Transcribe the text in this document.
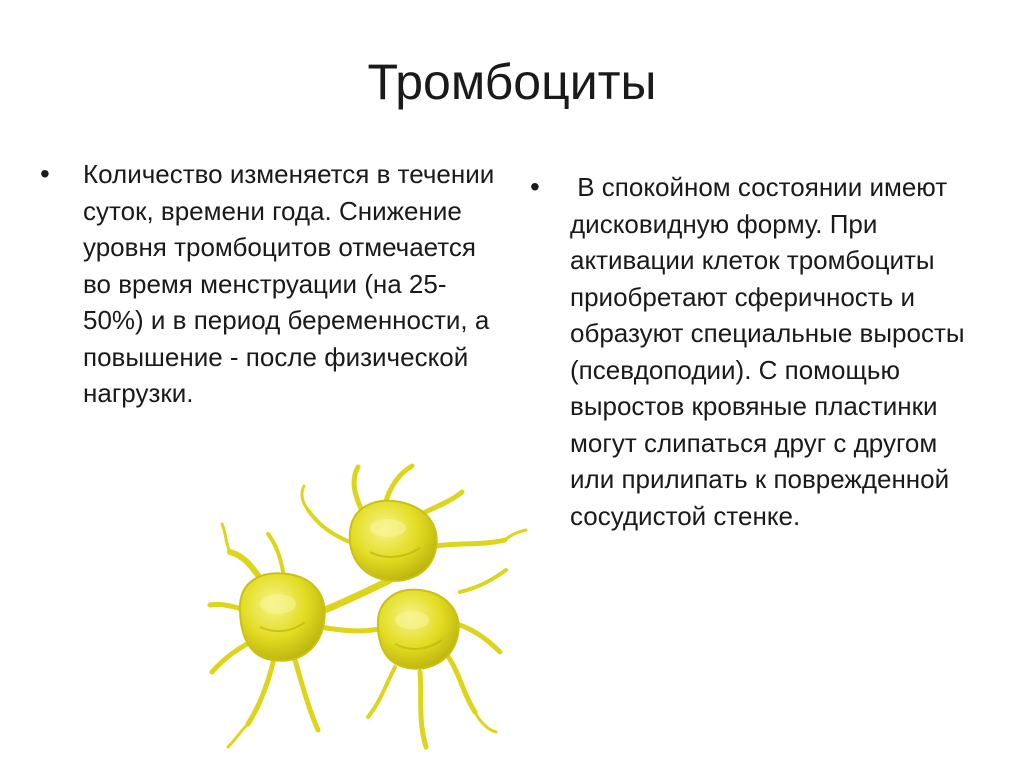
Тромбоциты
•	Количество изменяется в течении суток, времени года. Снижение уровня тромбоцитов отмечается во время менструации (на 25-50%) и в период беременности, а повышение - после физической нагрузки.

•	В спокойном состоянии имеют дисковидную форму. При активации клеток тромбоциты приобретают сферичность и образуют специальные выросты (псевдоподии). С помощью выростов кровяные пластинки могут слипаться друг с другом или прилипать к поврежденной сосудистой стенке.
